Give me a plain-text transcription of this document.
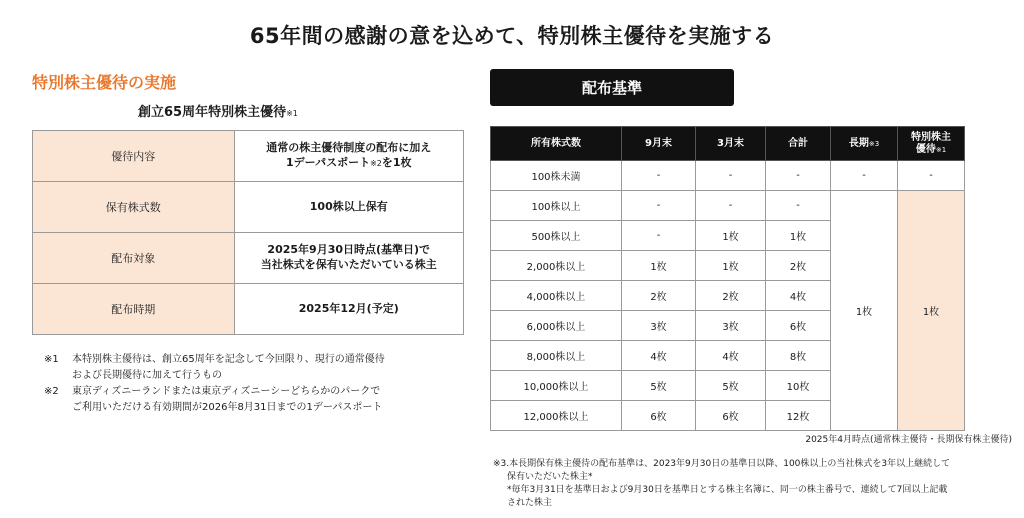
65年間の感謝の意を込めて、特別株主優待を実施する
特別株主優待の実施
創立65周年特別株主優待※1
優待内容	通常の株主優待制度の配布に加え
1デーパスポート※2を1枚

保有株式数	100株以上保有
配布対象	2025年9月30日時点(基準日)で
当社株式を保有いただいている株主

配布時期	2025年12月(予定)
※1	本特別株主優待は、創立65周年を記念して今回限り、現行の通常優待
および長期優待に加えて行うもの
※2	東京ディズニーランドまたは東京ディズニーシーどちらかのパークで
ご利用いただける有効期間が2026年8月31日までの1デーパスポート
配布基準
所有株式数	9月末	3月末	合計	長期※3	特別株主
優待※1

100株未満	-	-	-	-	-
100株以上	-	-	-	1枚	1枚
500株以上	-	1枚	1枚		
2,000株以上	1枚	1枚	2枚		
4,000株以上	2枚	2枚	4枚		
6,000株以上	3枚	3枚	6枚		
8,000株以上	4枚	4枚	8枚		
10,000株以上	5枚	5枚	10枚		
12,000株以上	6枚	6枚	12枚		
2025年4月時点(通常株主優待・長期保有株主優待)
※3.本長期保有株主優待の配布基準は、2023年9月30日の基準日以降、100株以上の当社株式を3年以上継続して
保有いただいた株主*
*毎年3月31日を基準日および9月30日を基準日とする株主名簿に、同一の株主番号で、連続して7回以上記載
された株主
